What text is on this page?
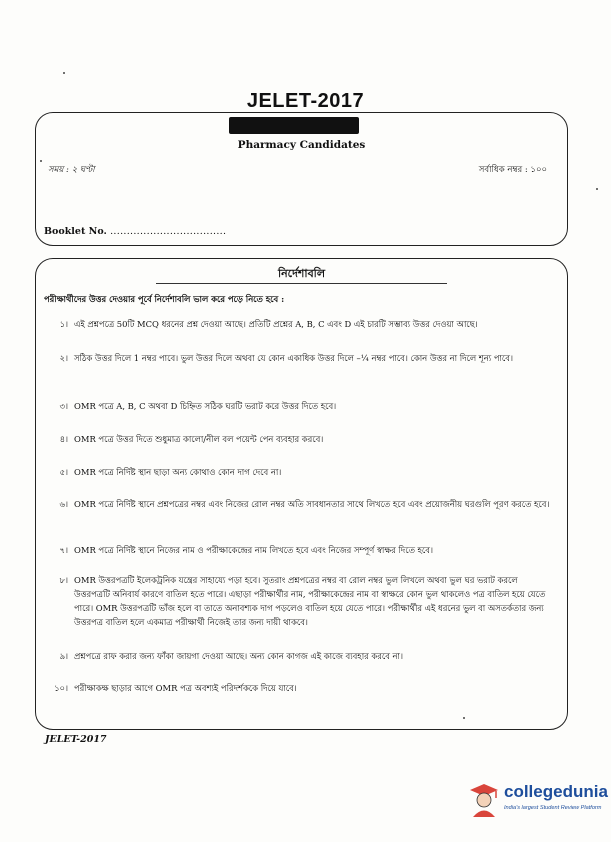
JELET-2017
Pharmacy Candidates
সময় : ২ ঘণ্টা	সর্বাধিক নম্বর : ১০০
Booklet No. ...................................
নির্দেশাবলি
পরীক্ষার্থীদের উত্তর দেওয়ার পূর্বে নির্দেশাবলি ভাল করে পড়ে নিতে হবে :
১। এই প্রশ্নপত্রে 50টি MCQ ধরনের প্রশ্ন দেওয়া আছে। প্রতিটি প্রশ্নের A, B, C এবং D এই চারটি সম্ভাব্য উত্তর দেওয়া আছে।
২। সঠিক উত্তর দিলে 1 নম্বর পাবে। ভুল উত্তর দিলে অথবা যে কোন একাধিক উত্তর দিলে –¼ নম্বর পাবে। কোন উত্তর না দিলে শূন্য পাবে।
৩। OMR পত্রে A, B, C অথবা D চিহ্নিত সঠিক ঘরটি ভরাট করে উত্তর দিতে হবে।
৪। OMR পত্রে উত্তর দিতে শুধুমাত্র কালো/নীল বল পয়েন্ট পেন ব্যবহার করবে।
৫। OMR পত্রে নির্দিষ্ট স্থান ছাড়া অন্য কোথাও কোন দাগ দেবে না।
৬। OMR পত্রে নির্দিষ্ট স্থানে প্রশ্নপত্রের নম্বর এবং নিজের রোল নম্বর অতি সাবধানতার সাথে লিখতে হবে এবং প্রয়োজনীয় ঘরগুলি পূরণ করতে হবে।
৭। OMR পত্রে নির্দিষ্ট স্থানে নিজের নাম ও পরীক্ষাকেন্দ্রের নাম লিখতে হবে এবং নিজের সম্পূর্ণ স্বাক্ষর দিতে হবে।
৮। OMR উত্তরপত্রটি ইলেকট্রনিক যন্ত্রের সাহায্যে পড়া হবে। সুতরাং প্রশ্নপত্রের নম্বর বা রোল নম্বর ভুল লিখলে অথবা ভুল ঘর ভরাট করলে উত্তরপত্রটি অনিবার্য কারণে বাতিল হতে পারে। এছাড়া পরীক্ষার্থীর নাম, পরীক্ষাকেন্দ্রের নাম বা স্বাক্ষরে কোন ভুল থাকলেও পত্র বাতিল হয়ে যেতে পারে। OMR উত্তরপত্রটি ভাঁজ হলে বা তাতে অনাবশ্যক দাগ পড়লেও বাতিল হয়ে যেতে পারে। পরীক্ষার্থীর এই ধরনের ভুল বা অসতর্কতার জন্য উত্তরপত্র বাতিল হলে একমাত্র পরীক্ষার্থী নিজেই তার জন্য দায়ী থাকবে।
৯। প্রশ্নপত্রে রাফ করার জন্য ফাঁকা জায়গা দেওয়া আছে। অন্য কোন কাগজ এই কাজে ব্যবহার করবে না।
১০। পরীক্ষাকক্ষ ছাড়ার আগে OMR পত্র অবশ্যই পরিদর্শককে দিয়ে যাবে।
JELET-2017
collegedunia
India's largest Student Review Platform
